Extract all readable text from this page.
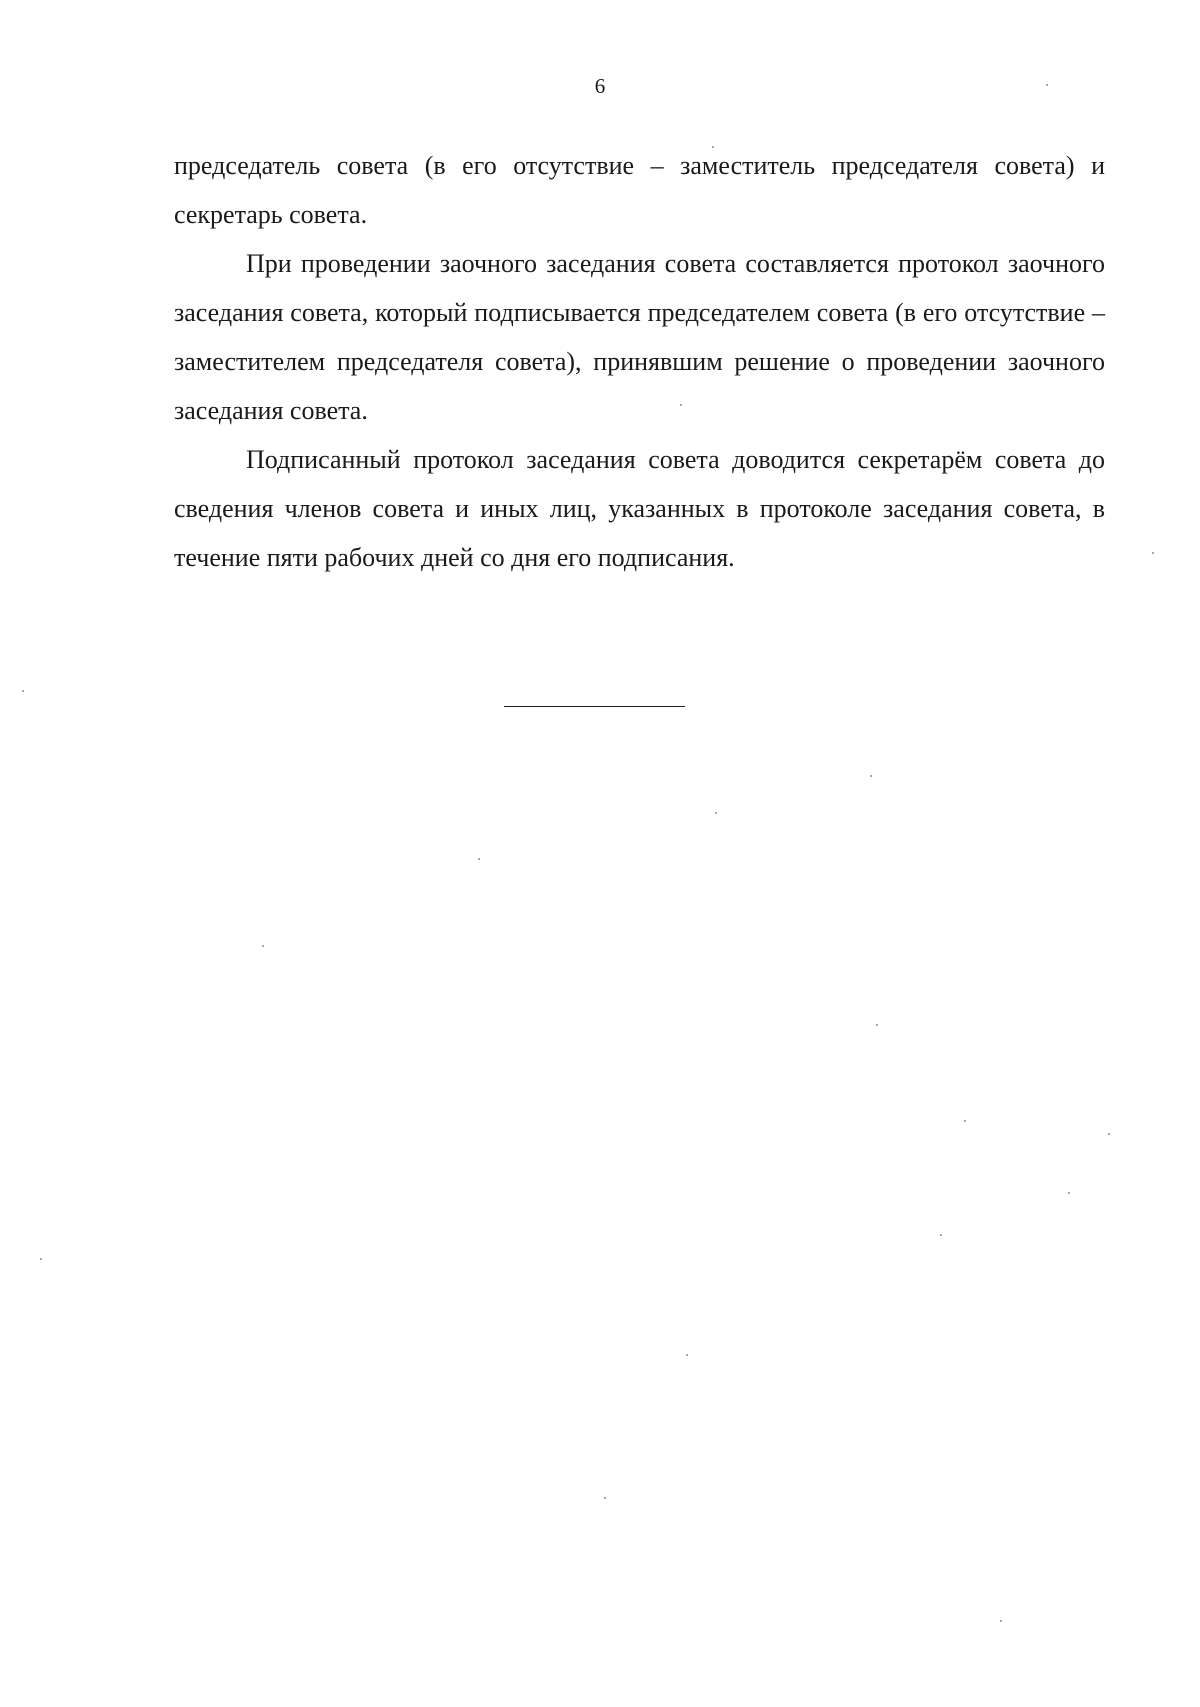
6

председатель совета (в его отсутствие – заместитель председателя совета) и секретарь совета.

При проведении заочного заседания совета составляется протокол заочного заседания совета, который подписывается председателем совета (в его отсутствие – заместителем председателя совета), принявшим решение о проведении заочного заседания совета.

Подписанный протокол заседания совета доводится секретарём совета до сведения членов совета и иных лиц, указанных в протоколе заседания совета, в течение пяти рабочих дней со дня его подписания.
